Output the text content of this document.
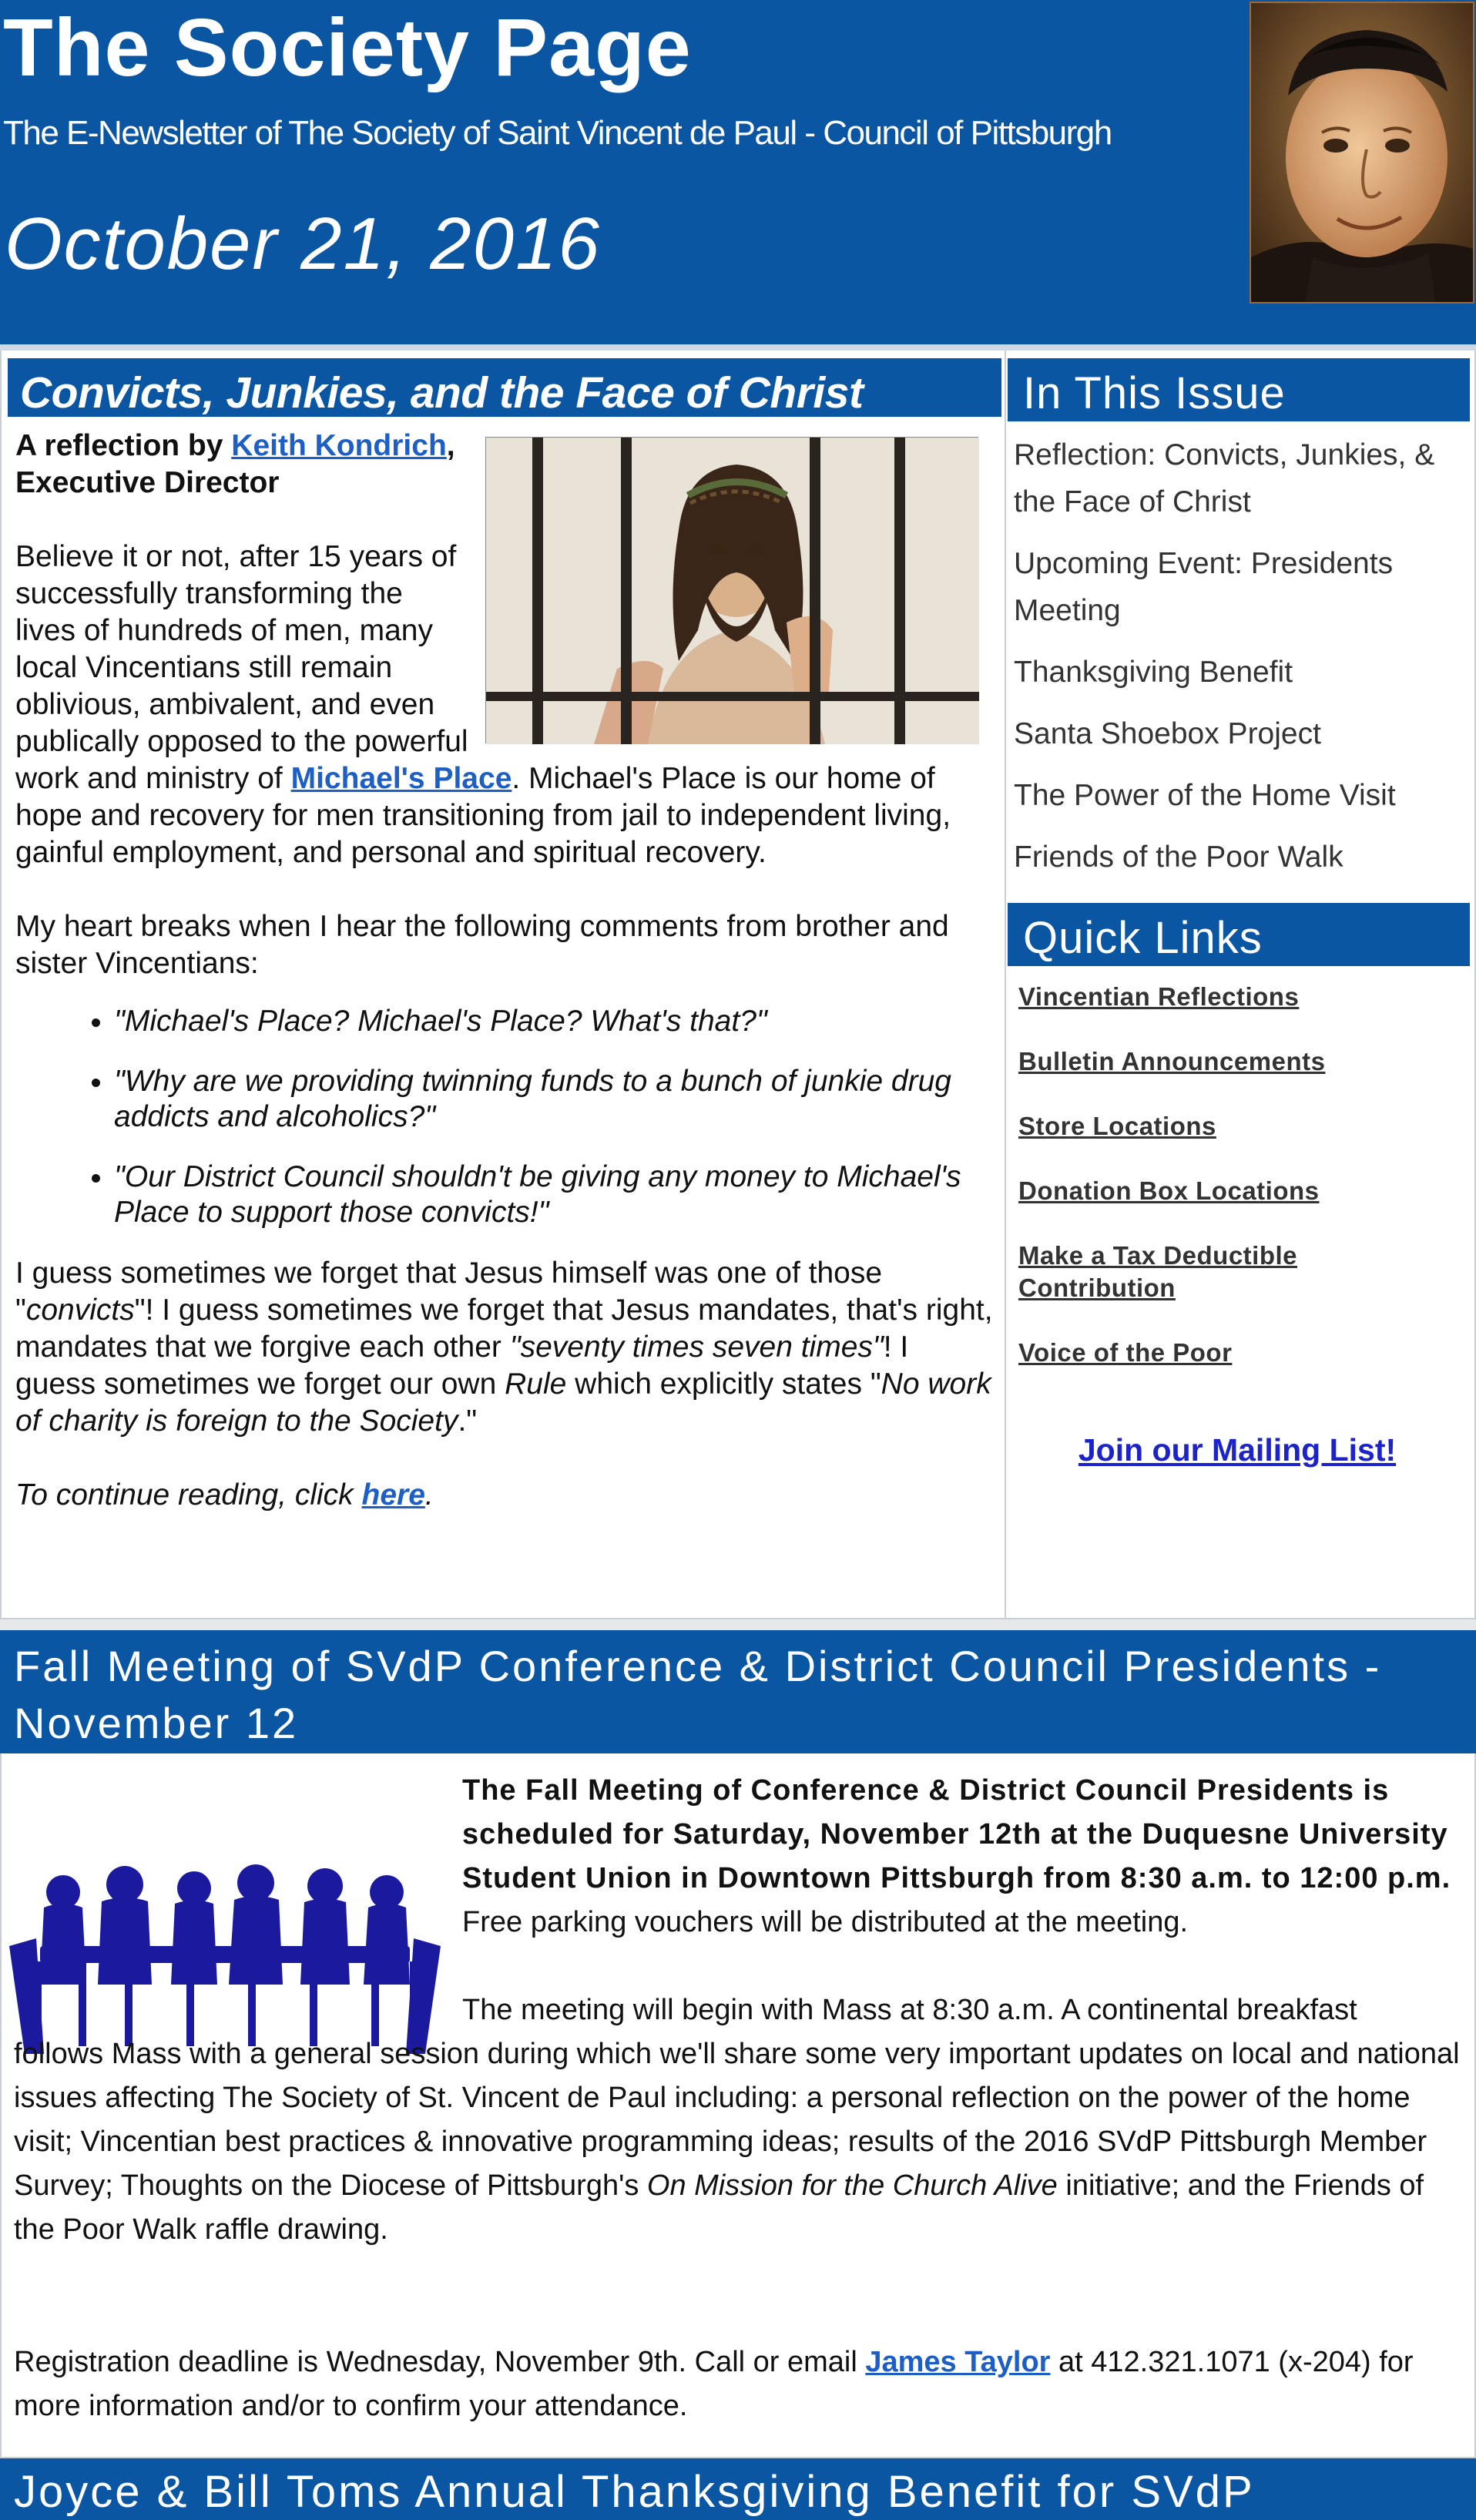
The Society Page
The E-Newsletter of The Society of Saint Vincent de Paul - Council of Pittsburgh
October 21, 2016
Convicts, Junkies, and the Face of Christ

A reflection by Keith Kondrich, Executive Director

Believe it or not, after 15 years of successfully transforming the lives of hundreds of men, many local Vincentians still remain oblivious, ambivalent, and even publically opposed to the powerful work and ministry of Michael's Place. Michael's Place is our home of hope and recovery for men transitioning from jail to independent living, gainful employment, and personal and spiritual recovery.

My heart breaks when I hear the following comments from brother and sister Vincentians:

• "Michael's Place? Michael's Place? What's that?"
• "Why are we providing twinning funds to a bunch of junkie drug addicts and alcoholics?"
• "Our District Council shouldn't be giving any money to Michael's Place to support those convicts!"

I guess sometimes we forget that Jesus himself was one of those "convicts"! I guess sometimes we forget that Jesus mandates, that's right, mandates that we forgive each other "seventy times seven times"! I guess sometimes we forget our own Rule which explicitly states "No work of charity is foreign to the Society."

To continue reading, click here.

In This Issue
Reflection: Convicts, Junkies, & the Face of Christ
Upcoming Event: Presidents Meeting
Thanksgiving Benefit
Santa Shoebox Project
The Power of the Home Visit
Friends of the Poor Walk
Quick Links
Vincentian Reflections
Bulletin Announcements
Store Locations
Donation Box Locations
Make a Tax Deductible Contribution
Voice of the Poor
Join our Mailing List!
Fall Meeting of SVdP Conference & District Council Presidents - November 12
The Fall Meeting of Conference & District Council Presidents is scheduled for Saturday, November 12th at the Duquesne University Student Union in Downtown Pittsburgh from 8:30 a.m. to 12:00 p.m. Free parking vouchers will be distributed at the meeting.
The meeting will begin with Mass at 8:30 a.m. A continental breakfast
follows Mass with a general session during which we'll share some very important updates on local and national issues affecting The Society of St. Vincent de Paul including: a personal reflection on the power of the home visit; Vincentian best practices & innovative programming ideas; results of the 2016 SVdP Pittsburgh Member Survey; Thoughts on the Diocese of Pittsburgh's On Mission for the Church Alive initiative; and the Friends of the Poor Walk raffle drawing.
Registration deadline is Wednesday, November 9th. Call or email James Taylor at 412.321.1071 (x-204) for more information and/or to confirm your attendance.
Joyce & Bill Toms Annual Thanksgiving Benefit for SVdP
